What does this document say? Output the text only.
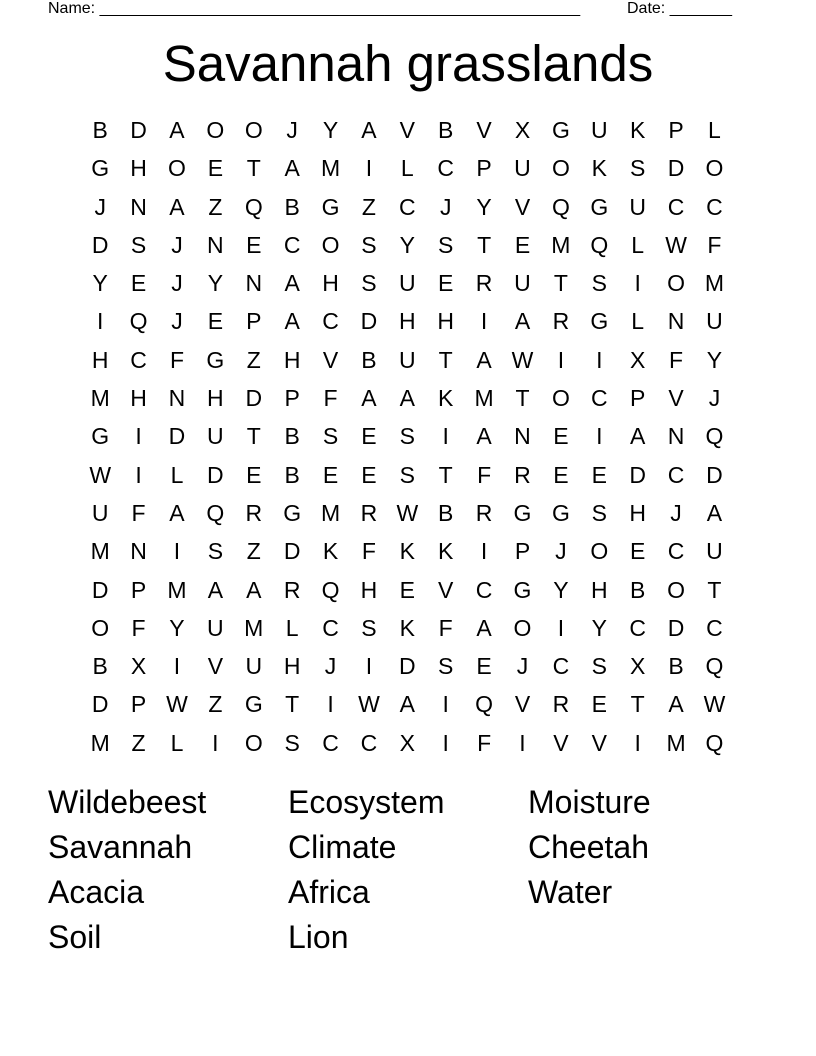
Name: ______________________________________________________	Date: _______
Savannah grasslands
B D A O O	J	Y	A	V	B	V	X G U K	P	L
G H O E	T	A M	I	L	C P U O K	S D O
J	N A	Z Q B G Z	C	J	Y	V Q G U C C
D S	J	N E C O S	Y	S	T	E M Q	L W F
Y	E	J	Y N A H S U E R U	T	S	I	O M
I	Q	J	E	P	A C D H H	I	A R G	L	N U
H C	F G Z	H V	B U	T	A W	I	I	X	F	Y
M H N H D P	F	A	A	K M T O C P	V	J
G	I	D U	T	B	S	E	S	I	A N E	I	A N Q
W	I	L	D E	B	E	E	S	T	F	R E	E D C D
U	F	A Q R G M R W B R G G S H	J	A
M N	I	S	Z	D K	F	K	K	I	P	J	O E C U
D P M A	A R Q H E	V C G Y H B O T
O F	Y U M L	C S	K	F	A O	I	Y C D C
B	X	I	V U H	J	I	D S	E	J	C S	X	B Q
D P W Z G T	I	W A	I	Q V R E	T	A W
M Z	L	I	O S C C X	I	F	I	V	V	I	M Q
Wildebeest
Savannah
Acacia
Soil
Ecosystem
Climate
Africa
Lion
Moisture
Cheetah
Water
